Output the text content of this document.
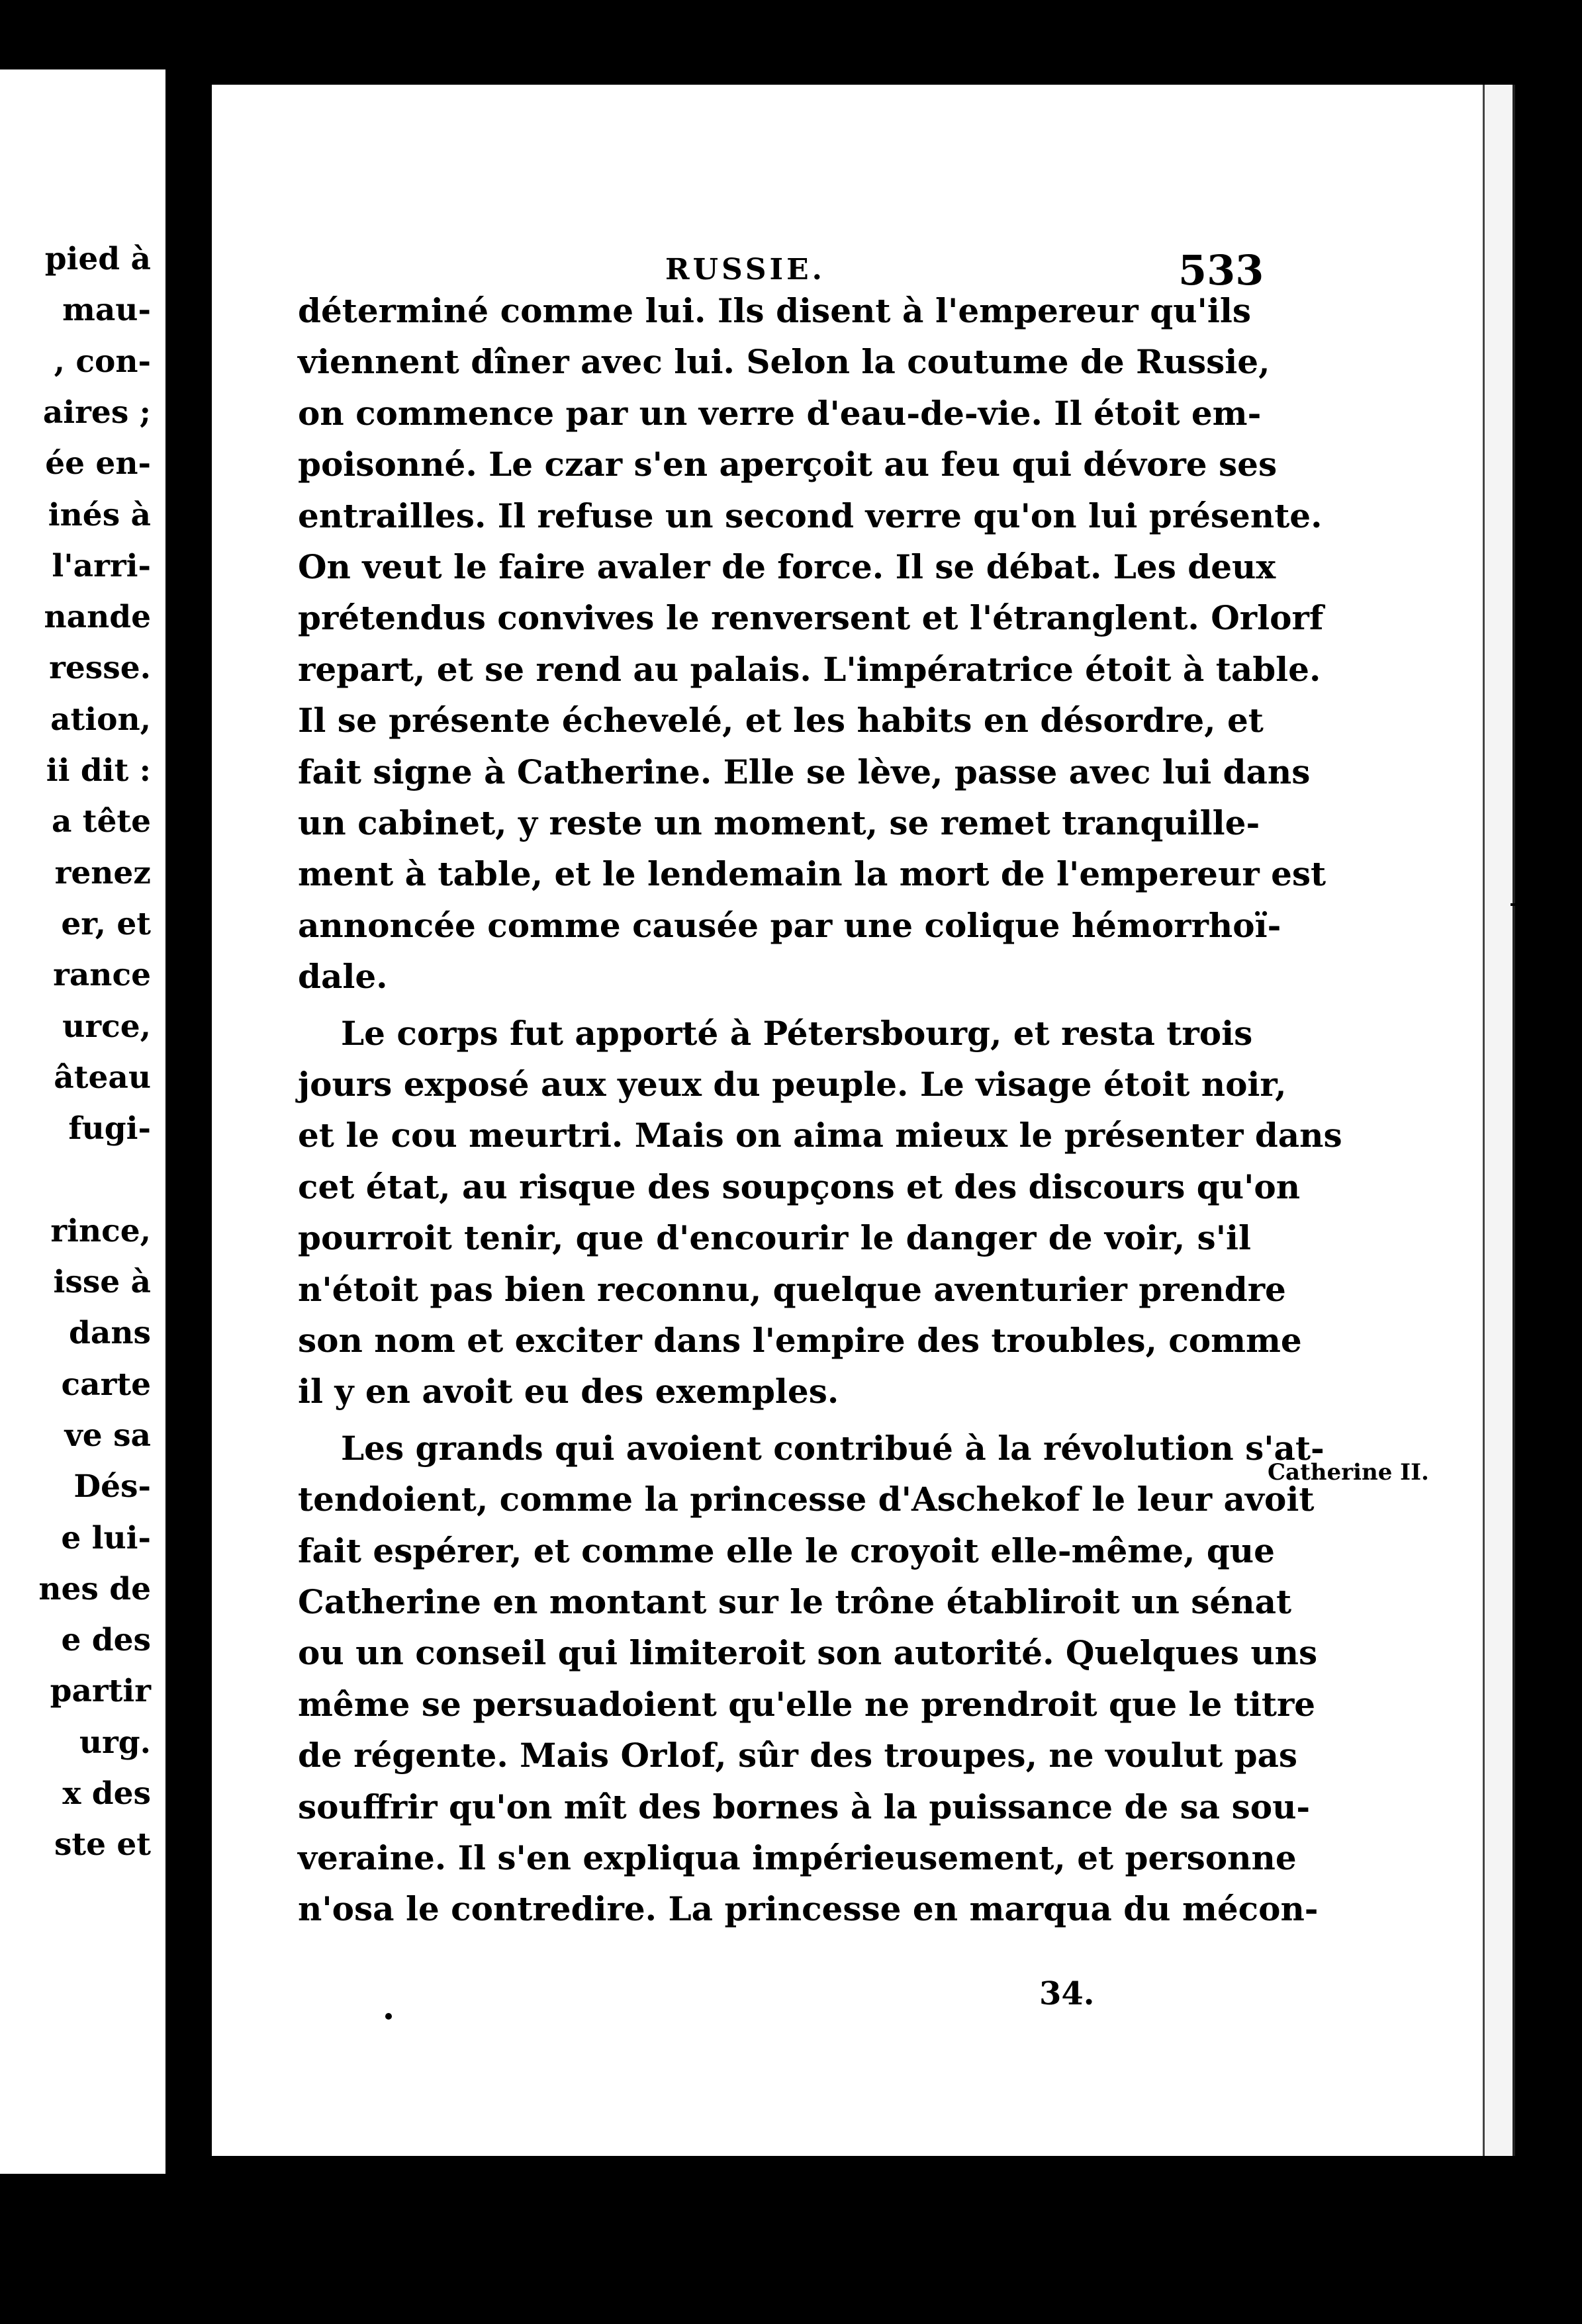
pied à
mau-
, con-
aires ;
ée en-
inés à
l'arri-
nande
resse.
ation,
ii dit :
a tête
renez
er, et
rance
urce,
âteau
fugi-
rince,
isse à
dans
carte
ve sa
Dés-
e lui-
nes de
e des
partir
urg.
x des
ste et
RUSSIE.	533
déterminé comme lui. Ils disent à l'empereur qu'ils
viennent dîner avec lui. Selon la coutume de Russie,
on commence par un verre d'eau-de-vie. Il étoit em-
poisonné. Le czar s'en aperçoit au feu qui dévore ses
entrailles. Il refuse un second verre qu'on lui présente.
On veut le faire avaler de force. Il se débat. Les deux
prétendus convives le renversent et l'étranglent. Orlorf
repart, et se rend au palais. L'impératrice étoit à table.
Il se présente échevelé, et les habits en désordre, et
fait signe à Catherine. Elle se lève, passe avec lui dans
un cabinet, y reste un moment, se remet tranquille-
ment à table, et le lendemain la mort de l'empereur est
annoncée comme causée par une colique hémorrhoï-
dale.
Le corps fut apporté à Pétersbourg, et resta trois
jours exposé aux yeux du peuple. Le visage étoit noir,
et le cou meurtri. Mais on aima mieux le présenter dans
cet état, au risque des soupçons et des discours qu'on
pourroit tenir, que d'encourir le danger de voir, s'il
n'étoit pas bien reconnu, quelque aventurier prendre
son nom et exciter dans l'empire des troubles, comme
il y en avoit eu des exemples.
Les grands qui avoient contribué à la révolution s'at-
tendoient, comme la princesse d'Aschekof le leur avoit
fait espérer, et comme elle le croyoit elle-même, que
Catherine en montant sur le trône établiroit un sénat
ou un conseil qui limiteroit son autorité. Quelques uns
même se persuadoient qu'elle ne prendroit que le titre
de régente. Mais Orlof, sûr des troupes, ne voulut pas
souffrir qu'on mît des bornes à la puissance de sa sou-
veraine. Il s'en expliqua impérieusement, et personne
n'osa le contredire. La princesse en marqua du mécon-
Catherine II.
34.
